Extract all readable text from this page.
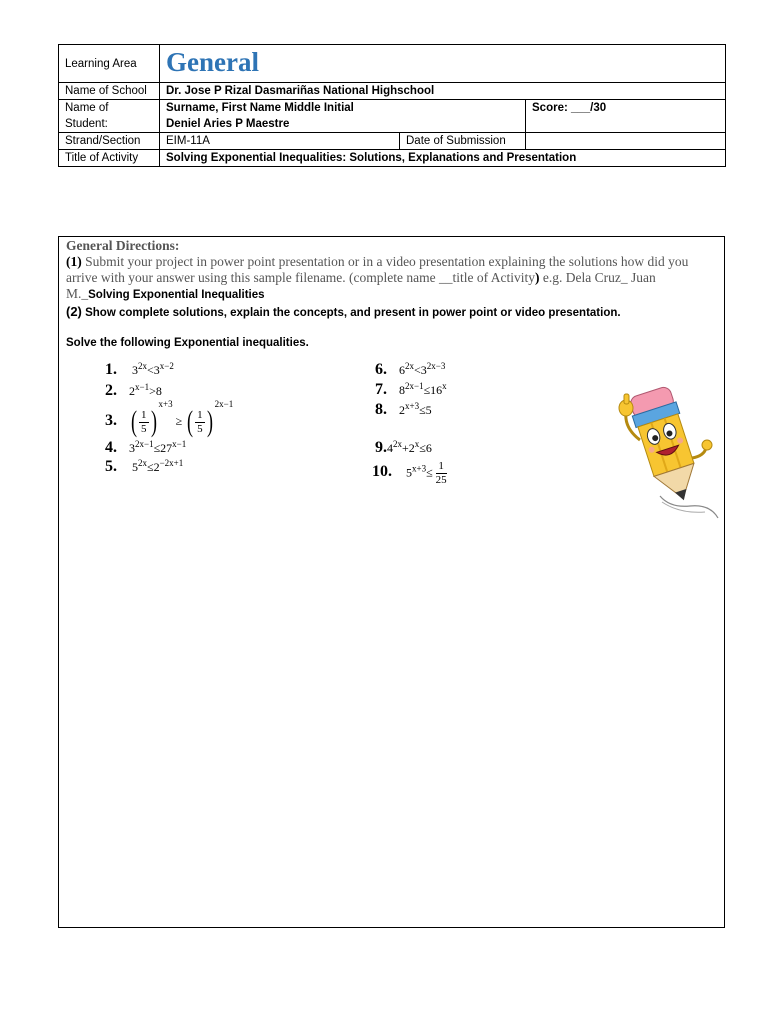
Learning Area	General		
Name of School	Dr. Jose P Rizal Dasmariñas National Highschool		
Name of Student:	Surname, First Name Middle Initial
Deniel Aries P Maestre		Score: ___/30
Strand/Section	EIM-11A	Date of Submission	
Title of Activity	Solving Exponential Inequalities: Solutions, Explanations and Presentation		
General Directions:
(1) Submit your project in power point presentation or in a video presentation explaining the solutions how did you arrive with your answer using this sample filename. (complete name __title of Activity) e.g. Dela Cruz_ Juan M._Solving Exponential Inequalities
(2) Show complete solutions, explain the concepts, and present in power point or video presentation.
Solve the following Exponential inequalities.
1. $3^{2x}<3^{x-2}$
2. $2^{x-1}>8$
3. ( $\frac{1}{5} )^{x+3}$ ≥ ( $\frac{1}{5} )^{2x-1}$
4. $3^{2x-1}\le 27^{x-1}$
5. $5^{2x}\le 2^{-2x+1}$
6. $6^{2x}<3^{2x-3}$
7. $8^{2x-1}\le 16^x$
8. $2^{x+3}\le 5$
$9.4^{2x}+2^x\le 6$
10. $5^{x+3}\le \frac{1}{25}$
